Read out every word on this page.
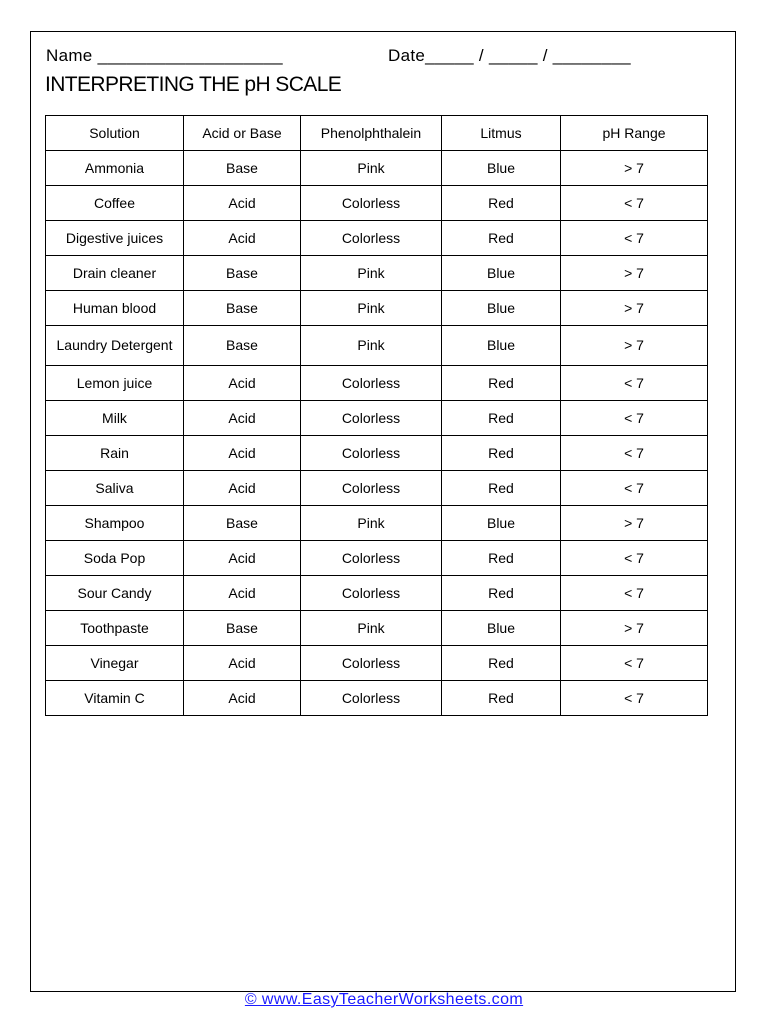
Name ___________________	Date_____ / _____ / ________
INTERPRETING THE pH SCALE
Solution	Acid or Base	Phenolphthalein	Litmus	pH Range
Ammonia	Base	Pink	Blue	> 7
Coffee	Acid	Colorless	Red	< 7
Digestive juices	Acid	Colorless	Red	< 7
Drain cleaner	Base	Pink	Blue	> 7
Human blood	Base	Pink	Blue	> 7
Laundry Detergent	Base	Pink	Blue	> 7
Lemon juice	Acid	Colorless	Red	< 7
Milk	Acid	Colorless	Red	< 7
Rain	Acid	Colorless	Red	< 7
Saliva	Acid	Colorless	Red	< 7
Shampoo	Base	Pink	Blue	> 7
Soda Pop	Acid	Colorless	Red	< 7
Sour Candy	Acid	Colorless	Red	< 7
Toothpaste	Base	Pink	Blue	> 7
Vinegar	Acid	Colorless	Red	< 7
Vitamin C	Acid	Colorless	Red	< 7
© www.EasyTeacherWorksheets.com
